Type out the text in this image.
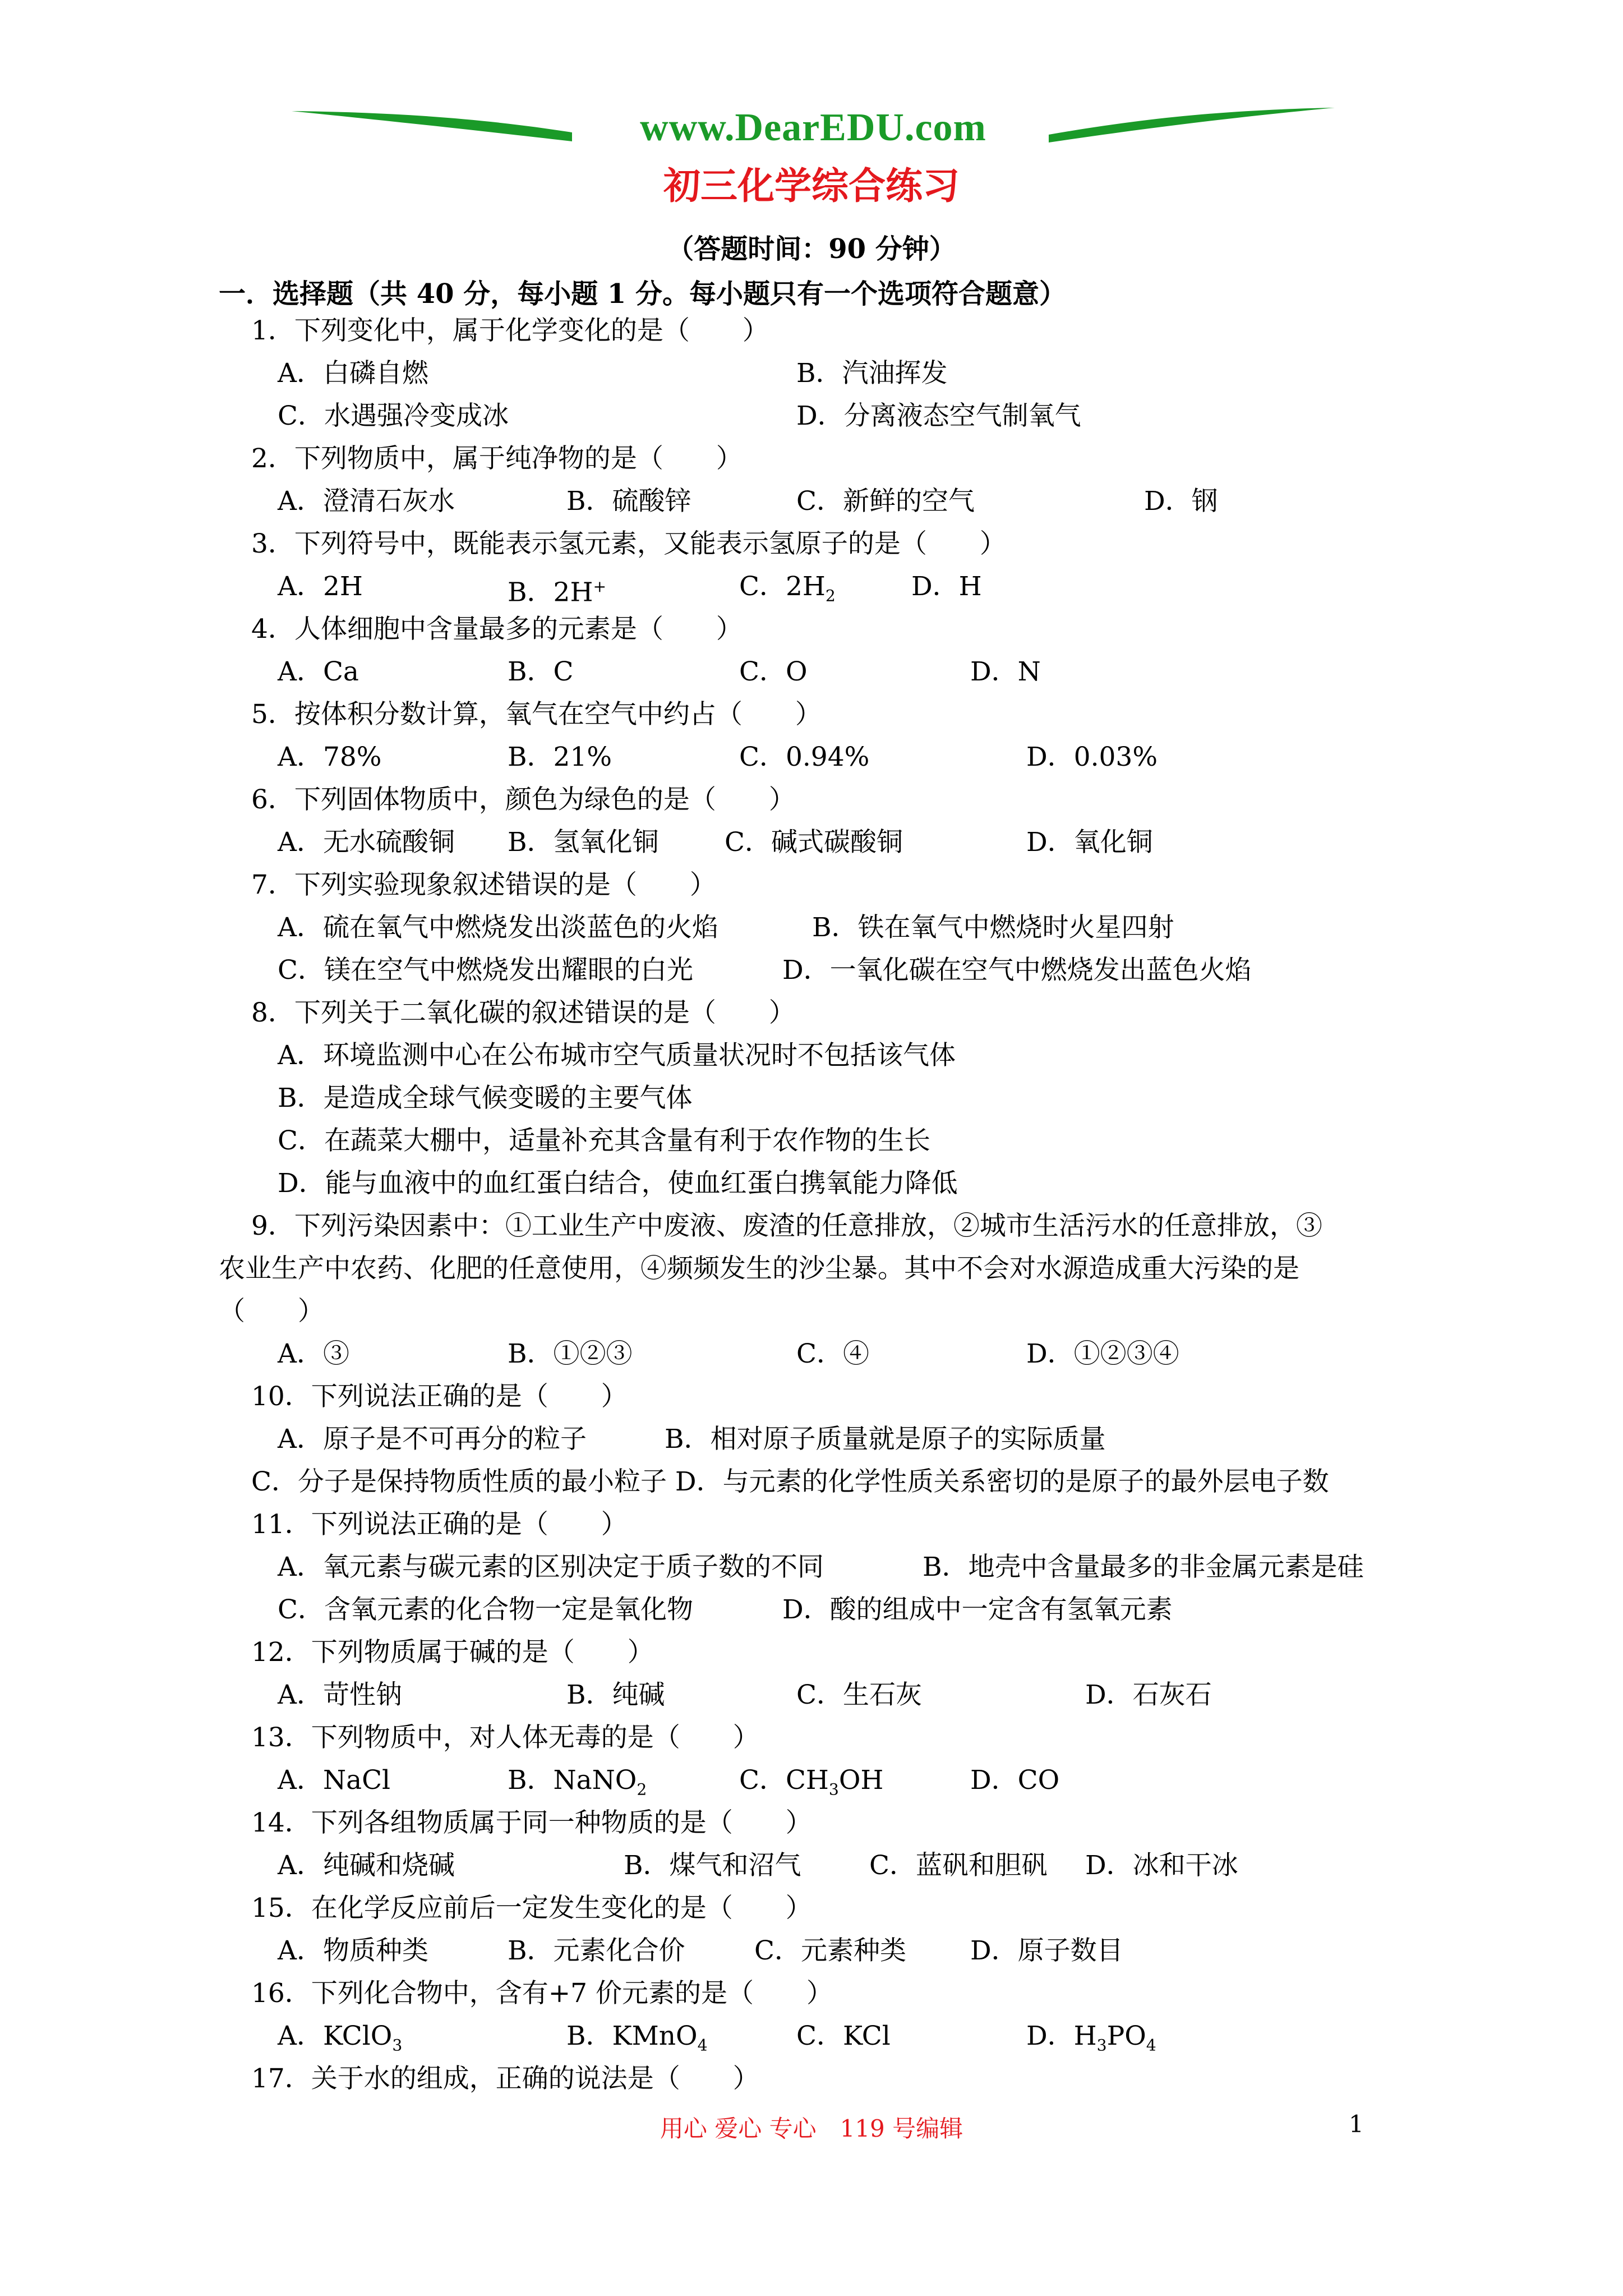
www.DearEDU.com
初三化学综合练习
（答题时间：90 分钟）
一．选择题（共 40 分，每小题 1 分。每小题只有一个选项符合题意）
1．下列变化中，属于化学变化的是（　　）
A．白磷自燃	B．汽油挥发
C．水遇强冷变成冰	D．分离液态空气制氧气
2．下列物质中，属于纯净物的是（　　）
A．澄清石灰水	B．硫酸锌	C．新鲜的空气	D．钢
3．下列符号中，既能表示氢元素，又能表示氢原子的是（　　）
A．2H	B．2H+	C．$2H_2$	D．H
4．人体细胞中含量最多的元素是（　　）
A．Ca	B．C	C．O	D．N
5．按体积分数计算，氧气在空气中约占（　　）
A．78%	B．21%	C．0.94%	D．0.03%
6．下列固体物质中，颜色为绿色的是（　　）
A．无水硫酸铜 B．氢氧化铜 C．碱式碳酸铜	D．氧化铜
7．下列实验现象叙述错误的是（　　）
A．硫在氧气中燃烧发出淡蓝色的火焰	B．铁在氧气中燃烧时火星四射
C．镁在空气中燃烧发出耀眼的白光	D．一氧化碳在空气中燃烧发出蓝色火焰
8．下列关于二氧化碳的叙述错误的是（　　）
A．环境监测中心在公布城市空气质量状况时不包括该气体
B．是造成全球气候变暖的主要气体
C．在蔬菜大棚中，适量补充其含量有利于农作物的生长
D．能与血液中的血红蛋白结合，使血红蛋白携氧能力降低
9．下列污染因素中：①工业生产中废液、废渣的任意排放，②城市生活污水的任意排放，③
农业生产中农药、化肥的任意使用，④频频发生的沙尘暴。其中不会对水源造成重大污染的是
（　　）
A．③	B．①②③	C．④	D．①②③④
10．下列说法正确的是（　　）
A．原子是不可再分的粒子	B．相对原子质量就是原子的实际质量
C．分子是保持物质性质的最小粒子 D．与元素的化学性质关系密切的是原子的最外层电子数
11．下列说法正确的是（　　）
A．氧元素与碳元素的区别决定于质子数的不同	B．地壳中含量最多的非金属元素是硅
C．含氧元素的化合物一定是氧化物	D．酸的组成中一定含有氢氧元素
12．下列物质属于碱的是（　　）
A．苛性钠	B．纯碱	C．生石灰	D．石灰石
13．下列物质中，对人体无毒的是（　　）
A．NaCl	B．NaNO$_2$	C．$CH_3OH$	D．CO
14．下列各组物质属于同一种物质的是（　　）
A．纯碱和烧碱	B．煤气和沼气	C．蓝矾和胆矾 D．冰和干冰
15．在化学反应前后一定发生变化的是（　　）
A．物质种类	B．元素化合价	C．元素种类 D．原子数目
16．下列化合物中，含有+7 价元素的是（　　）
A．KClO$_3$	B．KMnO$_4$	C．KCl	D．$H_3PO_4$
17．关于水的组成，正确的说法是（　　）
用心 爱心 专心　119 号编辑	1
